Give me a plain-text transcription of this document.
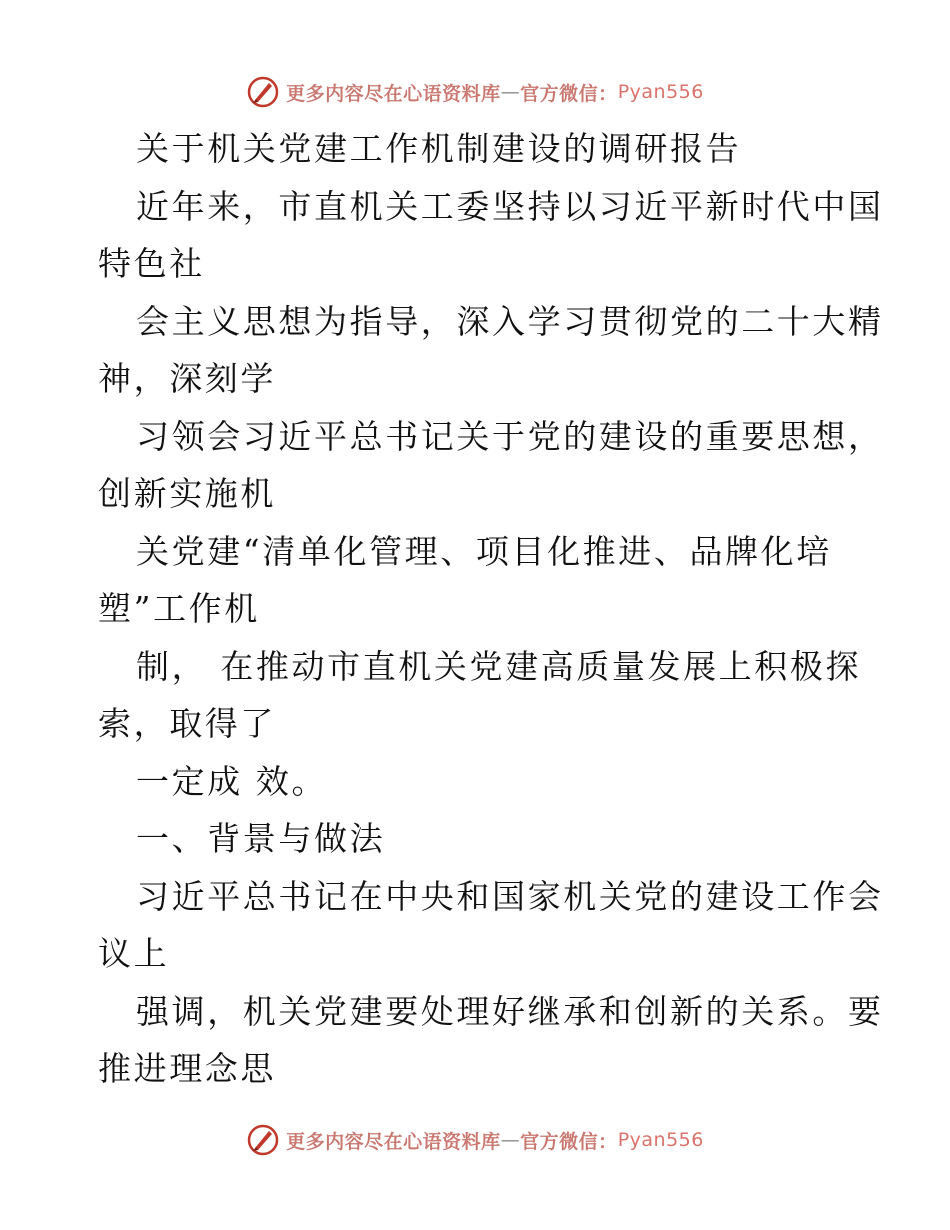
更多内容尽在心语资料库 — 官方微信： Pyan556
关于机关党建工作机制建设的调研报告
近年来，市直机关工委坚持以习近平新时代中国
特色社
会主义思想为指导，深入学习贯彻党的二十大精
神，深刻学
习领会习近平总书记关于党的建设的重要思想，
创新实施机
关党建“清单化管理、项目化推进、品牌化培
塑”工作机
制， 在推动市直机关党建高质量发展上积极探
索，取得了
一定成 效。
一、背景与做法
习近平总书记在中央和国家机关党的建设工作会
议上
强调，机关党建要处理好继承和创新的关系。要
推进理念思
更多内容尽在心语资料库 — 官方微信： Pyan556
